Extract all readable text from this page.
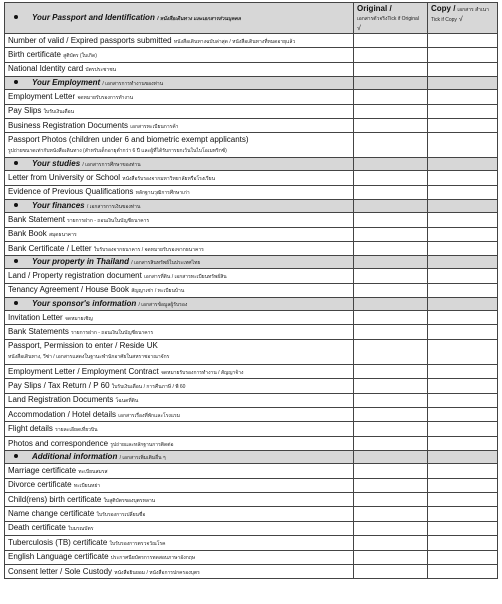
Your Passport and Identification / หนังสือเดินทาง และเอกสารส่วนบุคคล	Original /
เอกสารตัวจริงTick if Original √	Copy / เอกสาร สำเนา Tick if Copy √
Number of valid / Expired passports submitted หนังสือเดินทางฉบับล่าสุด / หนังสือเดินทางที่หมดอายุแล้ว		
Birth certificate สูติบัตร (ใบเกิด)		
National Identity card บัตรประชาชน		
Your Employment / เอกสารการทำงานของท่าน		
Employment Letter จดหมายรับรองการทำงาน		
Pay Slips ใบรับเงินเดือน		
Business Registration Documents เอกสารทะเบียนการค้า		
Passport Photos (children under 6 and biometric exempt applicants)
รูปถ่ายขนาดเท่ากับหนังสือเดินทาง (สำหรับเด็กอายุต่ำกว่า 6 ปี และผู้ที่ได้รับการยกเว้นในไบโอเมทริกซ์)		
Your studies / เอกสารการศึกษาของท่าน		
Letter from University or School หนังสือรับรองจากมหาวิทยาลัยหรือโรงเรียน		
Evidence of Previous Qualifications หลักฐานวุฒิการศึกษาเก่า		
Your finances / เอกสารการเงินของท่าน		
Bank Statement รายการฝาก - ถอนเงินในบัญชีธนาคาร		
Bank Book สมุดธนาคาร		
Bank Certificate / Letter ใบรับรองจากธนาคาร / จดหมายรับรองจากธนาคาร		
Your property in Thailand / เอกสารสินทรัพย์ในประเทศไทย		
Land / Property registration document เอกสารที่ดิน / เอกสารทะเบียนทรัพย์สิน		
Tenancy Agreement / House Book สัญญาเช่า / ทะเบียนบ้าน		
Your sponsor's information / เอกสารข้อมูลผู้รับรอง		
Invitation Letter จดหมายเชิญ		
Bank Statements รายการฝาก - ถอนเงินในบัญชีธนาคาร		
Passport, Permission to enter / Reside UK
หนังสือเดินทาง, วีซ่า / เอกสารแสดงในฐานะพำนักอาศัยในสหราชอาณาจักร		
Employment Letter / Employment Contract จดหมายรับรองการทำงาน / สัญญาจ้าง		
Pay Slips / Tax Return / P 60 ใบรับเงินเดือน / การคืนภาษี / พี 60		
Land Registration Documents โฉนดที่ดิน		
Accommodation / Hotel details เอกสารเรื่องที่พักและโรงแรม		
Flight details รายละเอียดเที่ยวบิน		
Photos and correspondence รูปถ่ายและหลักฐานการติดต่อ		
Additional information / เอกสารเพิ่มเติมอื่น ๆ		
Marriage certificate ทะเบียนสมรส		
Divorce certificate ทะเบียนหย่า		
Child(rens) birth certificate ใบสูติบัตรของบุตรหลาน		
Name change certificate ใบรับรองการเปลี่ยนชื่อ		
Death certificate ใบมรณบัตร		
Tuberculosis (TB) certificate ใบรับรองการตรวจวัณโรค		
English Language certificate ประกาศนียบัตรการทดสอบภาษาอังกฤษ		
Consent letter / Sole Custody หนังสือยินยอม / หนังสือการปกครองบุตร		
